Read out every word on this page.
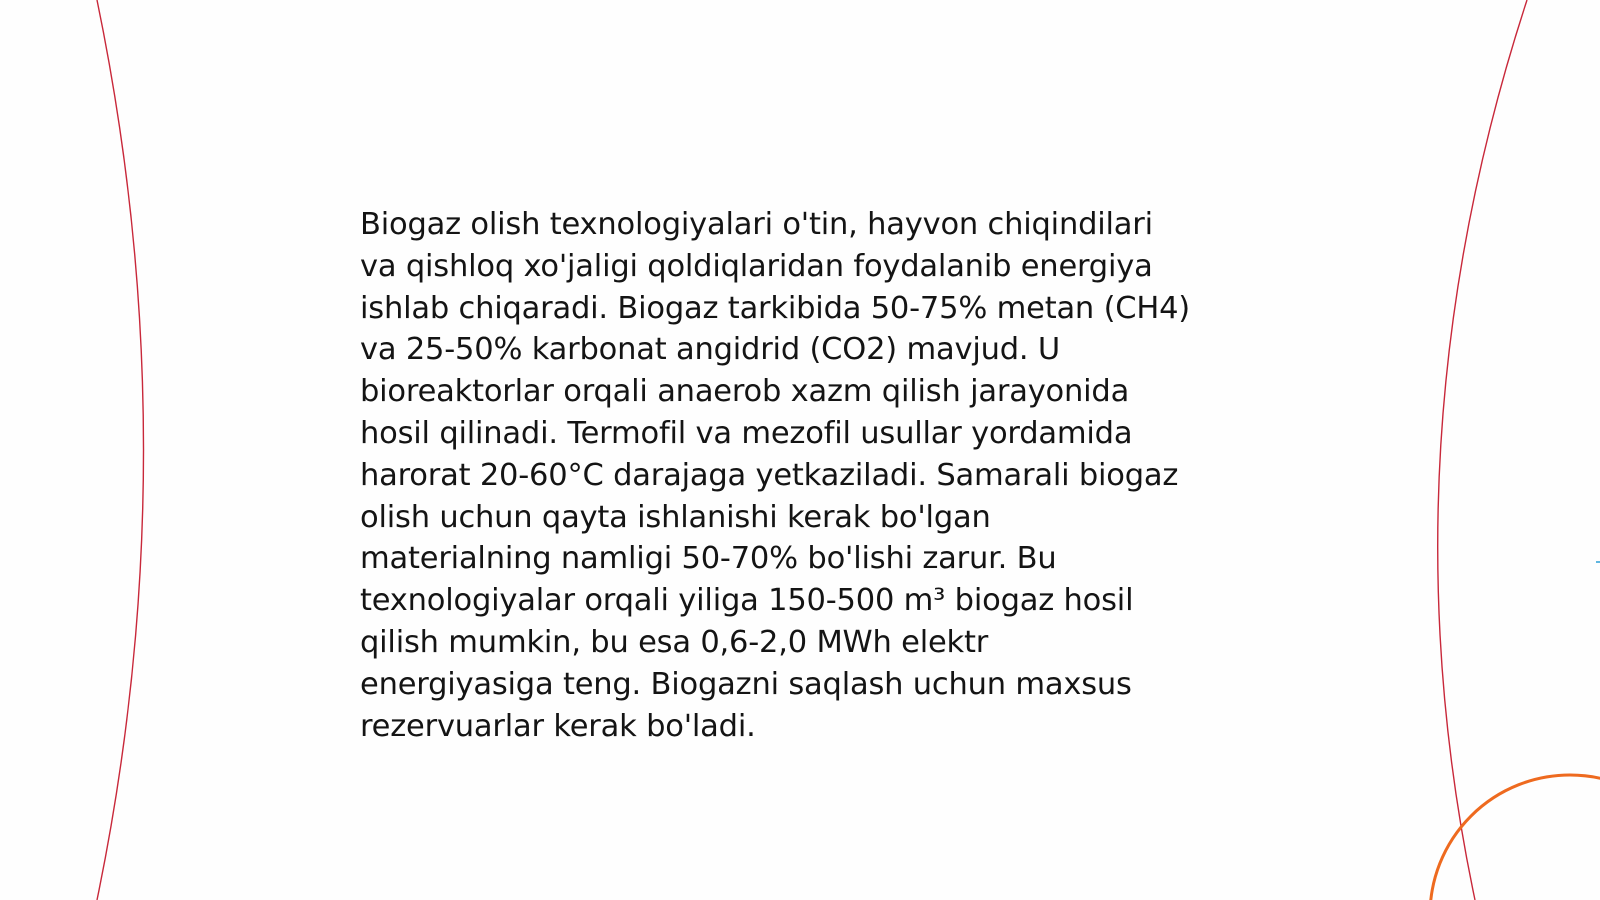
Biogaz olish texnologiyalari o'tin, hayvon chiqindilari
va qishloq xo'jaligi qoldiqlaridan foydalanib energiya
ishlab chiqaradi. Biogaz tarkibida 50-75% metan (CH4)
va 25-50% karbonat angidrid (CO2) mavjud. U
bioreaktorlar orqali anaerob xazm qilish jarayonida
hosil qilinadi. Termofil va mezofil usullar yordamida
harorat 20-60°C darajaga yetkaziladi. Samarali biogaz
olish uchun qayta ishlanishi kerak bo'lgan
materialning namligi 50-70% bo'lishi zarur. Bu
texnologiyalar orqali yiliga 150-500 m³ biogaz hosil
qilish mumkin, bu esa 0,6-2,0 MWh elektr
energiyasiga teng. Biogazni saqlash uchun maxsus
rezervuarlar kerak bo'ladi.
